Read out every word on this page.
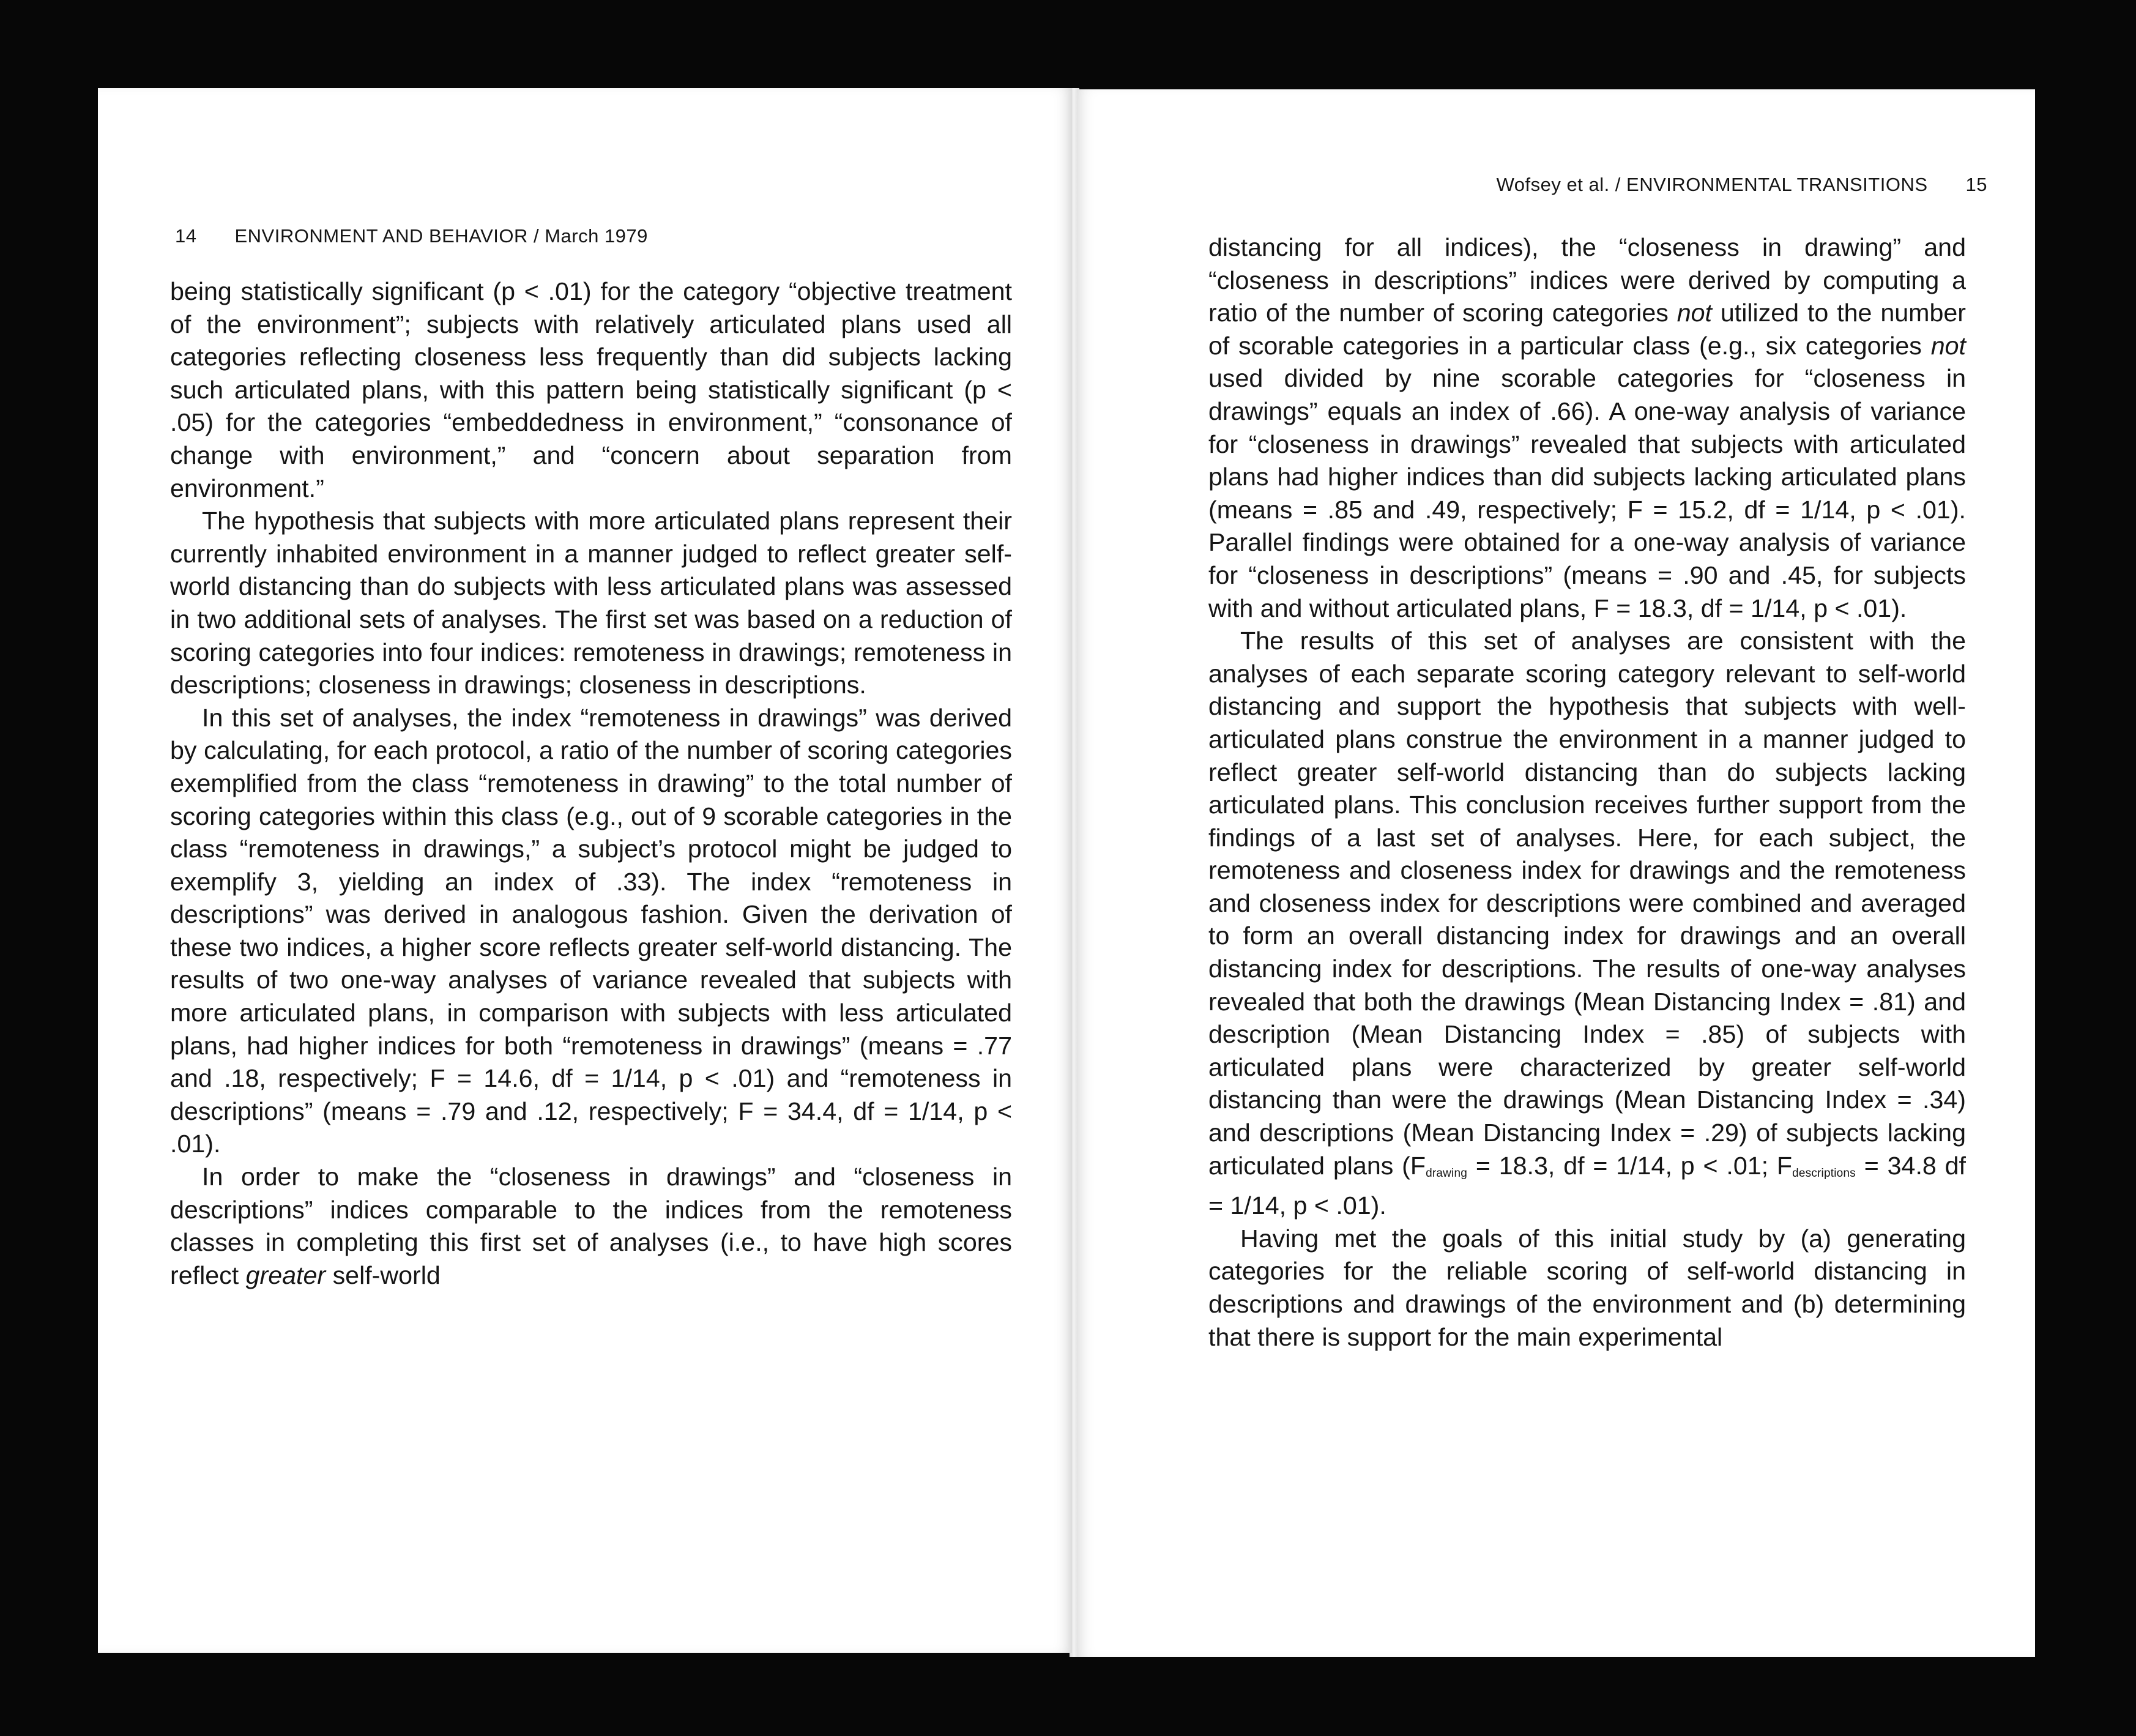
14 ENVIRONMENT AND BEHAVIOR / March 1979

being statistically significant (p < .01) for the category “objective treatment of the environment”; subjects with relatively articulated plans used all categories reflecting closeness less frequently than did subjects lacking such articulated plans, with this pattern being statistically significant (p < .05) for the categories “embeddedness in environment,” “consonance of change with environment,” and “concern about separation from environment.”

The hypothesis that subjects with more articulated plans represent their currently inhabited environment in a manner judged to reflect greater self-world distancing than do subjects with less articulated plans was assessed in two additional sets of analyses. The first set was based on a reduction of scoring categories into four indices: remoteness in drawings; remoteness in descriptions; closeness in drawings; closeness in descriptions.

In this set of analyses, the index “remoteness in drawings” was derived by calculating, for each protocol, a ratio of the number of scoring categories exemplified from the class “remoteness in drawing” to the total number of scoring categories within this class (e.g., out of 9 scorable categories in the class “remoteness in drawings,” a subject’s protocol might be judged to exemplify 3, yielding an index of .33). The index “remoteness in descriptions” was derived in analogous fashion. Given the derivation of these two indices, a higher score reflects greater self-world distancing. The results of two one-way analyses of variance revealed that subjects with more articulated plans, in comparison with subjects with less articulated plans, had higher indices for both “remoteness in drawings” (means = .77 and .18, respectively; F = 14.6, df = 1/14, p < .01) and “remoteness in descriptions” (means = .79 and .12, respectively; F = 34.4, df = 1/14, p < .01).

In order to make the “closeness in drawings” and “closeness in descriptions” indices comparable to the indices from the remoteness classes in completing this first set of analyses (i.e., to have high scores reflect greater self-world

Wofsey et al. / ENVIRONMENTAL TRANSITIONS 15

distancing for all indices), the “closeness in drawing” and “closeness in descriptions” indices were derived by computing a ratio of the number of scoring categories not utilized to the number of scorable categories in a particular class (e.g., six categories not used divided by nine scorable categories for “closeness in drawings” equals an index of .66). A one-way analysis of variance for “closeness in drawings” revealed that subjects with articulated plans had higher indices than did subjects lacking articulated plans (means = .85 and .49, respectively; F = 15.2, df = 1/14, p < .01). Parallel findings were obtained for a one-way analysis of variance for “closeness in descriptions” (means = .90 and .45, for subjects with and without articulated plans, F = 18.3, df = 1/14, p < .01).

The results of this set of analyses are consistent with the analyses of each separate scoring category relevant to self-world distancing and support the hypothesis that subjects with well-articulated plans construe the environment in a manner judged to reflect greater self-world distancing than do subjects lacking articulated plans. This conclusion receives further support from the findings of a last set of analyses. Here, for each subject, the remoteness and closeness index for drawings and the remoteness and closeness index for descriptions were combined and averaged to form an overall distancing index for drawings and an overall distancing index for descriptions. The results of one-way analyses revealed that both the drawings (Mean Distancing Index = .81) and description (Mean Distancing Index = .85) of subjects with articulated plans were characterized by greater self-world distancing than were the drawings (Mean Distancing Index = .34) and descriptions (Mean Distancing Index = .29) of subjects lacking articulated plans ($F_{drawing} = 18.3$, df = 1/14, p < .01; $F_{descriptions} = 34.8$ df = 1/14, p < .01).

Having met the goals of this initial study by (a) generating categories for the reliable scoring of self-world distancing in descriptions and drawings of the environment and (b) determining that there is support for the main experimental
